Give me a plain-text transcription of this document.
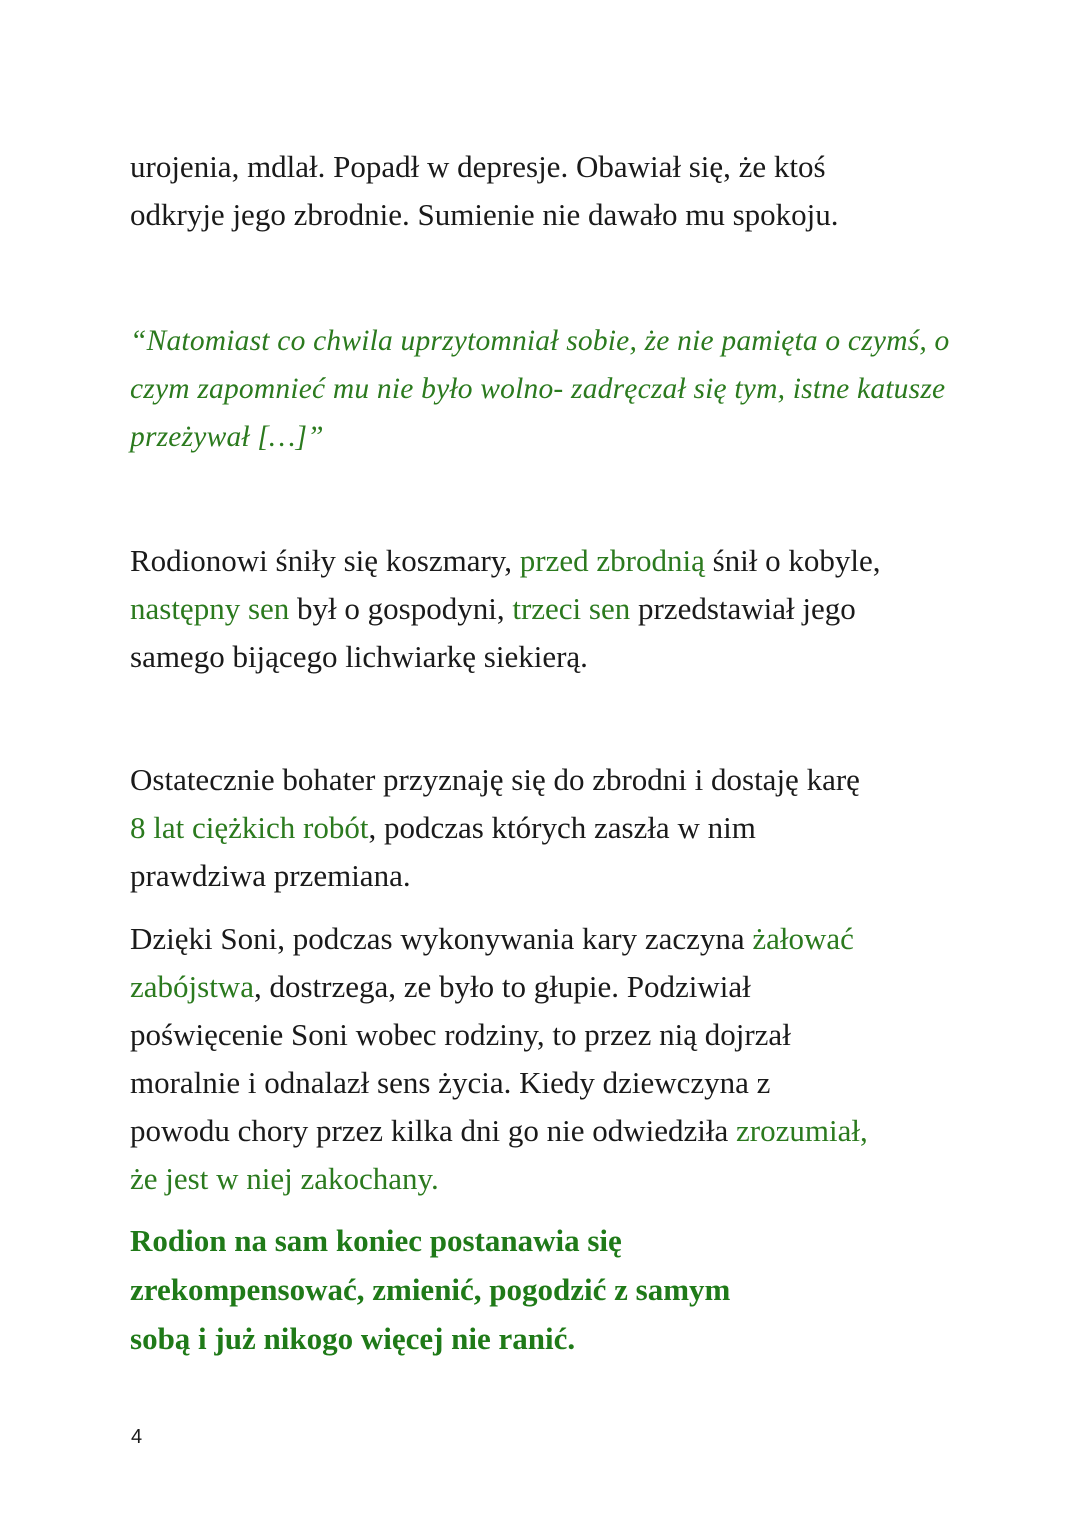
urojenia, mdlał. Popadł w depresje. Obawiał się, że ktoś
odkryje jego zbrodnie. Sumienie nie dawało mu spokoju.

“Natomiast co chwila uprzytomniał sobie, że nie pamięta o czymś, o
czym zapomnieć mu nie było wolno- zadręczał się tym, istne katusze
przeżywał […]”

Rodionowi śniły się koszmary, przed zbrodnią śnił o kobyle,
następny sen był o gospodyni, trzeci sen przedstawiał jego
samego bijącego lichwiarkę siekierą.

Ostatecznie bohater przyznaję się do zbrodni i dostaję karę
8 lat ciężkich robót, podczas których zaszła w nim
prawdziwa przemiana.

Dzięki Soni, podczas wykonywania kary zaczyna żałować
zabójstwa, dostrzega, ze było to głupie. Podziwiał
poświęcenie Soni wobec rodziny, to przez nią dojrzał
moralnie i odnalazł sens życia. Kiedy dziewczyna z
powodu chory przez kilka dni go nie odwiedziła zrozumiał,
że jest w niej zakochany.

Rodion na sam koniec postanawia się
zrekompensować, zmienić, pogodzić z samym
sobą i już nikogo więcej nie ranić.

4
